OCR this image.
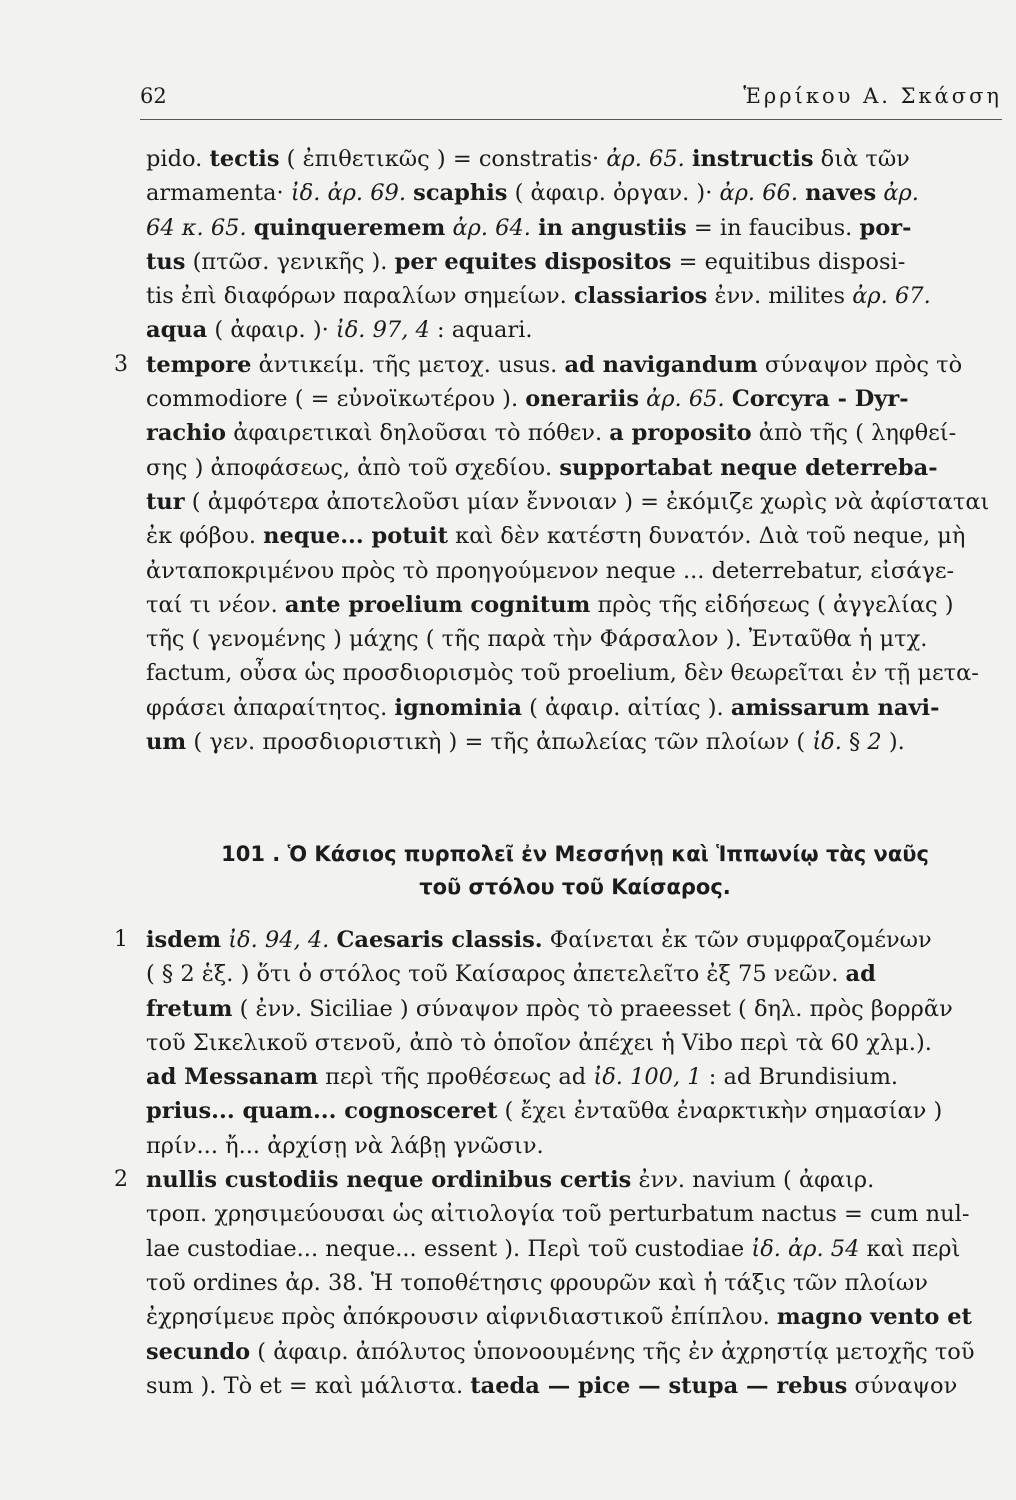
62	Ἑρρίκου Α. Σκάσση
pido. tectis ( ἐπιθετικῶς ) = constratis· ἀρ. 65. instructis διὰ τῶν
armamenta· ἰδ. ἀρ. 69. scaphis ( ἀφαιρ. ὀργαν. )· ἀρ. 66. naves ἀρ.
64 κ. 65. quinqueremem ἀρ. 64. in angustiis = in faucibus. por-
tus (πτῶσ. γενικῆς ). per equites dispositos = equitibus disposi-
tis ἐπὶ διαφόρων παραλίων σημείων. classiarios ἐνν. milites ἀρ. 67.
aqua ( ἀφαιρ. )· ἰδ. 97, 4 : aquari.
3 tempore ἀντικείμ. τῆς μετοχ. usus. ad navigandum σύναψον πρὸς τὸ
commodiore ( = εὐνοϊκωτέρου ). onerariis ἀρ. 65. Corcyra - Dyr-
rachio ἀφαιρετικαὶ δηλοῦσαι τὸ πόθεν. a proposito ἀπὸ τῆς ( ληφθεί-
σης ) ἀποφάσεως, ἀπὸ τοῦ σχεδίου. supportabat neque deterreba-
tur ( ἀμφότερα ἀποτελοῦσι μίαν ἔννοιαν ) = ἐκόμιζε χωρὶς νὰ ἀφίσταται
ἐκ φόβου. neque... potuit καὶ δὲν κατέστη δυνατόν. Διὰ τοῦ neque, μὴ
ἀνταποκριμένου πρὸς τὸ προηγούμενον neque ... deterrebatur, εἰσάγε-
ταί τι νέον. ante proelium cognitum πρὸς τῆς εἰδήσεως ( ἀγγελίας )
τῆς ( γενομένης ) μάχης ( τῆς παρὰ τὴν Φάρσαλον ). Ἐνταῦθα ἡ μτχ.
factum, οὖσα ὡς προσδιορισμὸς τοῦ proelium, δὲν θεωρεῖται ἐν τῇ μετα-
φράσει ἀπαραίτητος. ignominia ( ἀφαιρ. αἰτίας ). amissarum navi-
um ( γεν. προσδιοριστικὴ ) = τῆς ἀπωλείας τῶν πλοίων ( ἰδ. § 2 ).
101 . Ὁ Κάσιος πυρπολεῖ ἐν Μεσσήνῃ καὶ Ἱππωνίῳ τὰς ναῦς
τοῦ στόλου τοῦ Καίσαρος.
1 isdem ἰδ. 94, 4. Caesaris classis. Φαίνεται ἐκ τῶν συμφραζομένων
( § 2 ἑξ. ) ὅτι ὁ στόλος τοῦ Καίσαρος ἀπετελεῖτο ἐξ 75 νεῶν. ad
fretum ( ἐνν. Siciliae ) σύναψον πρὸς τὸ praeesset ( δηλ. πρὸς βορρᾶν
τοῦ Σικελικοῦ στενοῦ, ἀπὸ τὸ ὁποῖον ἀπέχει ἡ Vibo περὶ τὰ 60 χλμ.).
ad Messanam περὶ τῆς προθέσεως ad ἰδ. 100, 1 : ad Brundisium.
prius... quam... cognosceret ( ἔχει ἐνταῦθα ἐναρκτικὴν σημασίαν )
πρίν... ἤ... ἀρχίσῃ νὰ λάβῃ γνῶσιν.
2 nullis custodiis neque ordinibus certis ἐνν. navium ( ἀφαιρ.
τροπ. χρησιμεύουσαι ὡς αἰτιολογία τοῦ perturbatum nactus = cum nul-
lae custodiae... neque... essent ). Περὶ τοῦ custodiae ἰδ. ἀρ. 54 καὶ περὶ
τοῦ ordines ἀρ. 38. Ἡ τοποθέτησις φρουρῶν καὶ ἡ τάξις τῶν πλοίων
ἐχρησίμευε πρὸς ἀπόκρουσιν αἰφνιδιαστικοῦ ἐπίπλου. magno vento et
secundo ( ἀφαιρ. ἀπόλυτος ὑπονοουμένης τῆς ἐν ἀχρηστίᾳ μετοχῆς τοῦ
sum ). Τὸ et = καὶ μάλιστα. taeda — pice — stupa — rebus σύναψον
